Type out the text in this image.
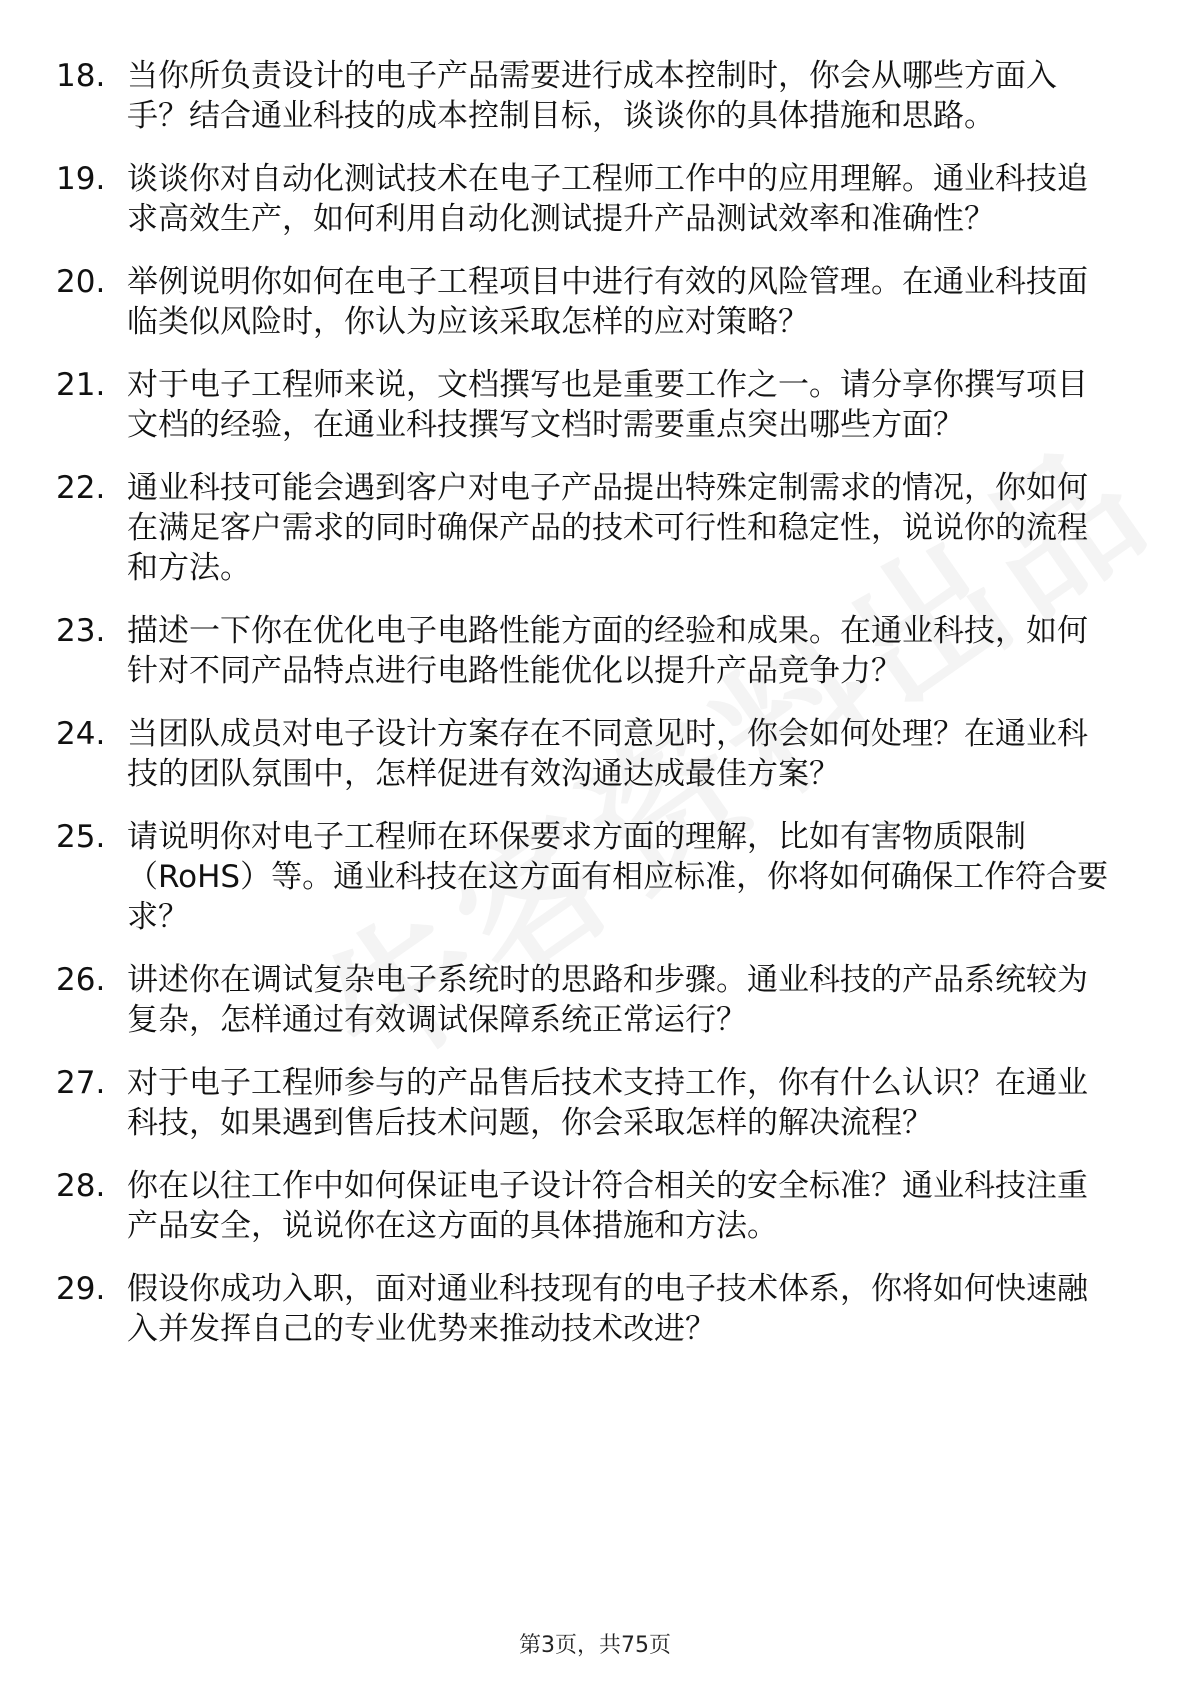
18. 当你所负责设计的电子产品需要进行成本控制时，你会从哪些方面入手？结合通业科技的成本控制目标，谈谈你的具体措施和思路。
19. 谈谈你对自动化测试技术在电子工程师工作中的应用理解。通业科技追求高效生产，如何利用自动化测试提升产品测试效率和准确性？
20. 举例说明你如何在电子工程项目中进行有效的风险管理。在通业科技面临类似风险时，你认为应该采取怎样的应对策略？
21. 对于电子工程师来说，文档撰写也是重要工作之一。请分享你撰写项目文档的经验，在通业科技撰写文档时需要重点突出哪些方面？
22. 通业科技可能会遇到客户对电子产品提出特殊定制需求的情况，你如何在满足客户需求的同时确保产品的技术可行性和稳定性，说说你的流程和方法。
23. 描述一下你在优化电子电路性能方面的经验和成果。在通业科技，如何针对不同产品特点进行电路性能优化以提升产品竞争力？
24. 当团队成员对电子设计方案存在不同意见时，你会如何处理？在通业科技的团队氛围中，怎样促进有效沟通达成最佳方案？
25. 请说明你对电子工程师在环保要求方面的理解，比如有害物质限制（RoHS）等。通业科技在这方面有相应标准，你将如何确保工作符合要求？
26. 讲述你在调试复杂电子系统时的思路和步骤。通业科技的产品系统较为复杂，怎样通过有效调试保障系统正常运行？
27. 对于电子工程师参与的产品售后技术支持工作，你有什么认识？在通业科技，如果遇到售后技术问题，你会采取怎样的解决流程？
28. 你在以往工作中如何保证电子设计符合相关的安全标准？通业科技注重产品安全，说说你在这方面的具体措施和方法。
29. 假设你成功入职，面对通业科技现有的电子技术体系，你将如何快速融入并发挥自己的专业优势来推动技术改进？
第3页，共75页
